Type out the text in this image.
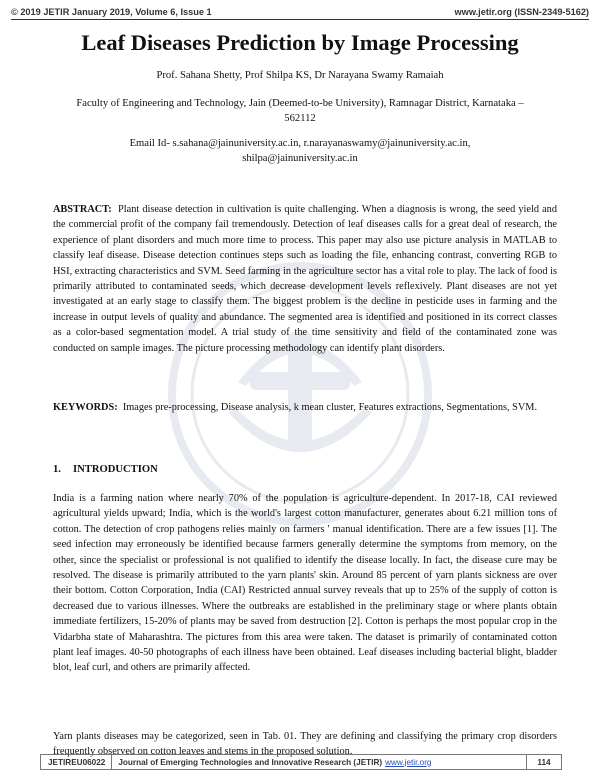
© 2019 JETIR January 2019, Volume 6, Issue 1	www.jetir.org (ISSN-2349-5162)
Leaf Diseases Prediction by Image Processing
Prof. Sahana Shetty, Prof Shilpa KS, Dr Narayana Swamy Ramaiah
Faculty of Engineering and Technology, Jain (Deemed-to-be University), Ramnagar District, Karnataka – 562112
Email Id- s.sahana@jainuniversity.ac.in, r.narayanaswamy@jainuniversity.ac.in,
shilpa@jainuniversity.ac.in

ABSTRACT: Plant disease detection in cultivation is quite challenging. When a diagnosis is wrong, the seed yield and the commercial profit of the company fail tremendously. Detection of leaf diseases calls for a great deal of research, the experience of plant disorders and much more time to process. This paper may also use picture analysis in MATLAB to classify leaf disease. Disease detection continues steps such as loading the file, enhancing contrast, converting RGB to HSI, extracting characteristics and SVM. Seed farming in the agriculture sector has a vital role to play. The lack of food is primarily attributed to contaminated seeds, which decrease development levels reflexively. Plant diseases are not yet investigated at an early stage to classify them. The biggest problem is the decline in pesticide uses in farming and the increase in output levels of quality and abundance. The segmented area is identified and positioned in its correct classes as a color-based segmentation model. A trial study of the time sensitivity and field of the contaminated zone was conducted on sample images. The picture processing methodology can identify plant disorders.

KEYWORDS: Images pre-processing, Disease analysis, k mean cluster, Features extractions, Segmentations, SVM.

1. INTRODUCTION

India is a farming nation where nearly 70% of the population is agriculture-dependent. In 2017-18, CAI reviewed agricultural yields upward; India, which is the world's largest cotton manufacturer, generates about 6.21 million tons of cotton. The detection of crop pathogens relies mainly on farmers ' manual identification. There are a few issues [1]. The seed infection may erroneously be identified because farmers generally determine the symptoms from memory, on the other, since the specialist or professional is not qualified to identify the disease locally. In fact, the disease cure may be resolved. The disease is primarily attributed to the yarn plants' skin. Around 85 percent of yarn plants sickness are over their bottom. Cotton Corporation, India (CAI) Restricted annual survey reveals that up to 25% of the supply of cotton is decreased due to various illnesses. Where the outbreaks are established in the preliminary stage or where plants obtain immediate fertilizers, 15-20% of plants may be saved from destruction [2]. Cotton is perhaps the most popular crop in the Vidarbha state of Maharashtra. The pictures from this area were taken. The dataset is primarily of contaminated cotton plant leaf images. 40-50 photographs of each illness have been obtained. Leaf diseases including bacterial blight, bladder blot, leaf curl, and others are primarily affected.

Yarn plants diseases may be categorized, seen in Tab. 01. They are defining and classifying the primary crop disorders frequently observed on cotton leaves and stems in the proposed solution.

JETIREU06022	Journal of Emerging Technologies and Innovative Research (JETIR) www.jetir.org	114
